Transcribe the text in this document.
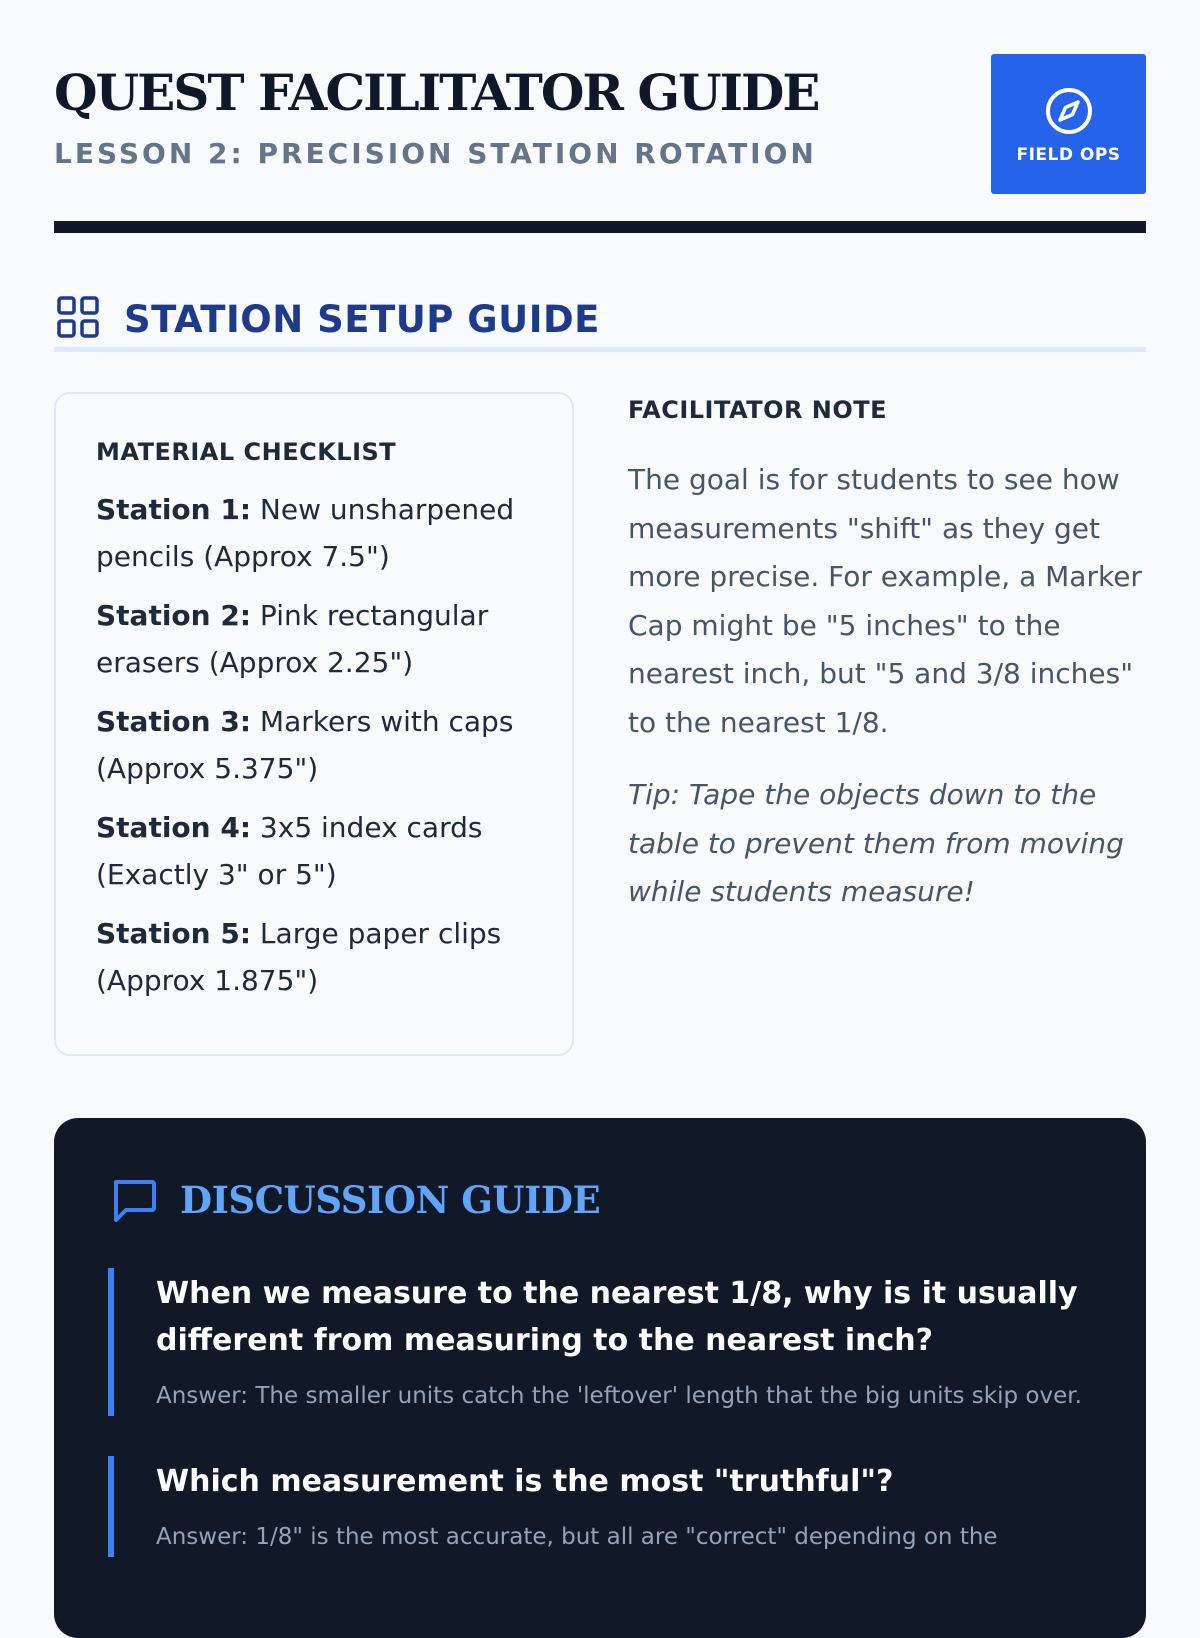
QUEST FACILITATOR GUIDE

LESSON 2: PRECISION STATION ROTATION	FIELD OPS
STATION SETUP GUIDE

MATERIAL CHECKLIST

Station 1: New unsharpened pencils (Approx 7.5")
Station 2: Pink rectangular erasers (Approx 2.25")
Station 3: Markers with caps (Approx 5.375")
Station 4: 3x5 index cards (Exactly 3" or 5")
Station 5: Large paper clips (Approx 1.875")

FACILITATOR NOTE

The goal is for students to see how measurements "shift" as they get more precise. For example, a Marker Cap might be "5 inches" to the nearest inch, but "5 and 3/8 inches" to the nearest 1/8.

Tip: Tape the objects down to the table to prevent them from moving while students measure!

DISCUSSION GUIDE

When we measure to the nearest 1/8, why is it usually different from measuring to the nearest inch?

Answer: The smaller units catch the 'leftover' length that the big units skip over.

Which measurement is the most "truthful"?

Answer: 1/8" is the most accurate, but all are "correct" depending on the
